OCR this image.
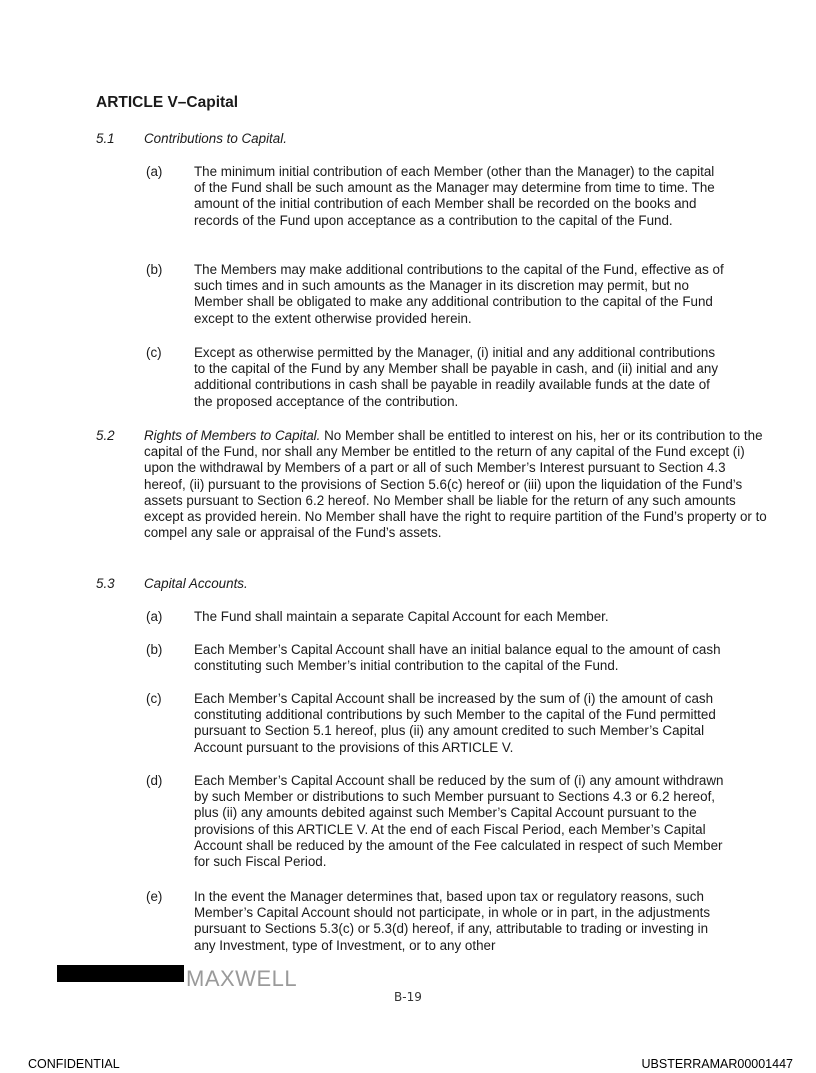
ARTICLE V–Capital
5.1 Contributions to Capital.
(a) The minimum initial contribution of each Member (other than the Manager) to the capital of the Fund shall be such amount as the Manager may determine from time to time. The amount of the initial contribution of each Member shall be recorded on the books and records of the Fund upon acceptance as a contribution to the capital of the Fund.
(b) The Members may make additional contributions to the capital of the Fund, effective as of such times and in such amounts as the Manager in its discretion may permit, but no Member shall be obligated to make any additional contribution to the capital of the Fund except to the extent otherwise provided herein.
(c) Except as otherwise permitted by the Manager, (i) initial and any additional contributions to the capital of the Fund by any Member shall be payable in cash, and (ii) initial and any additional contributions in cash shall be payable in readily available funds at the date of the proposed acceptance of the contribution.
5.2 Rights of Members to Capital. No Member shall be entitled to interest on his, her or its contribution to the capital of the Fund, nor shall any Member be entitled to the return of any capital of the Fund except (i) upon the withdrawal by Members of a part or all of such Member’s Interest pursuant to Section 4.3 hereof, (ii) pursuant to the provisions of Section 5.6(c) hereof or (iii) upon the liquidation of the Fund’s assets pursuant to Section 6.2 hereof. No Member shall be liable for the return of any such amounts except as provided herein. No Member shall have the right to require partition of the Fund’s property or to compel any sale or appraisal of the Fund’s assets.
5.3 Capital Accounts.
(a) The Fund shall maintain a separate Capital Account for each Member.
(b) Each Member’s Capital Account shall have an initial balance equal to the amount of cash constituting such Member’s initial contribution to the capital of the Fund.
(c) Each Member’s Capital Account shall be increased by the sum of (i) the amount of cash constituting additional contributions by such Member to the capital of the Fund permitted pursuant to Section 5.1 hereof, plus (ii) any amount credited to such Member’s Capital Account pursuant to the provisions of this ARTICLE V.
(d) Each Member’s Capital Account shall be reduced by the sum of (i) any amount withdrawn by such Member or distributions to such Member pursuant to Sections 4.3 or 6.2 hereof, plus (ii) any amounts debited against such Member’s Capital Account pursuant to the provisions of this ARTICLE V. At the end of each Fiscal Period, each Member’s Capital Account shall be reduced by the amount of the Fee calculated in respect of such Member for such Fiscal Period.
(e) In the event the Manager determines that, based upon tax or regulatory reasons, such Member’s Capital Account should not participate, in whole or in part, in the adjustments pursuant to Sections 5.3(c) or 5.3(d) hereof, if any, attributable to trading or investing in any Investment, type of Investment, or to any other
MAXWELL
B-19
CONFIDENTIAL	UBSTERRAMAR00001447
